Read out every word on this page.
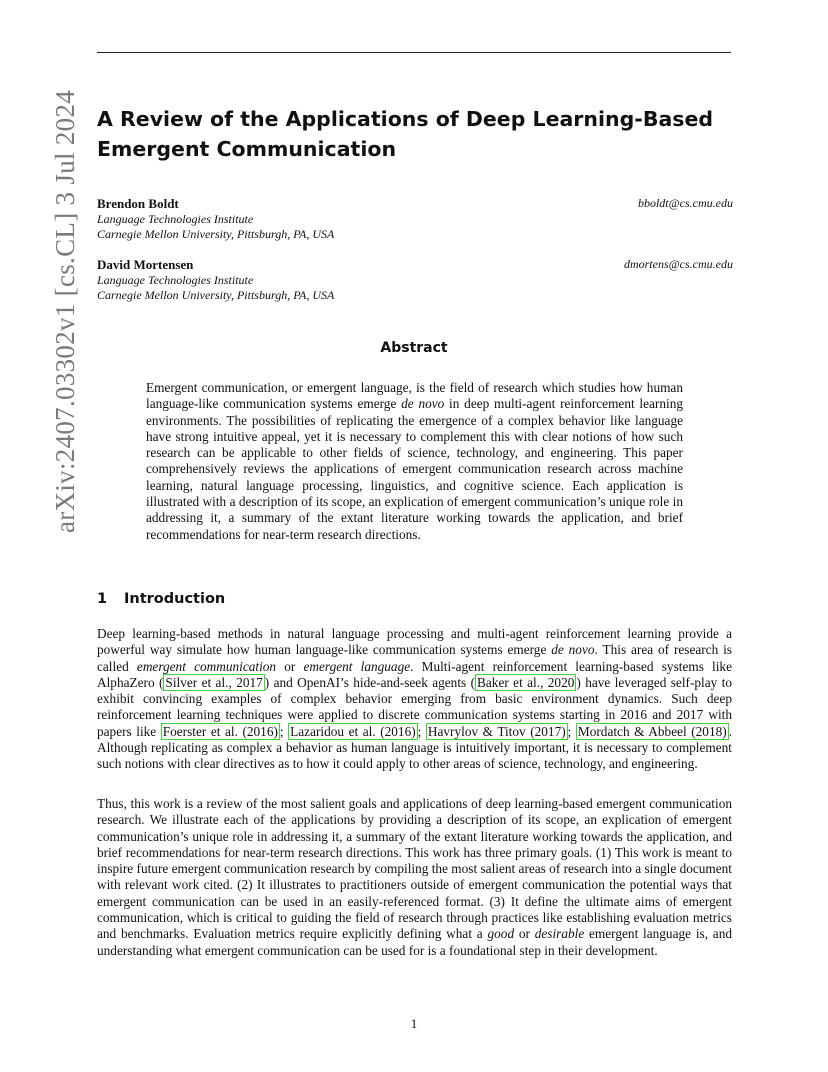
arXiv:2407.03302v1 [cs.CL] 3 Jul 2024 A Review of the Applications of Deep Learning-Based
Emergent Communication
Brendon Boldt	bboldt@cs.cmu.edu
Language Technologies Institute
Carnegie Mellon University, Pittsburgh, PA, USA
David Mortensen	dmortens@cs.cmu.edu
Language Technologies Institute
Carnegie Mellon University, Pittsburgh, PA, USA
Abstract
Emergent communication, or emergent language, is the field of research which studies how human language-like communication systems emerge de novo in deep multi-agent reinforcement learning environments. The possibilities of replicating the emergence of a complex behavior like language have strong intuitive appeal, yet it is necessary to complement this with clear notions of how such research can be applicable to other fields of science, technology, and engineering. This paper comprehensively reviews the applications of emergent communication research across machine learning, natural language processing, linguistics, and cognitive science. Each application is illustrated with a description of its scope, an explication of emergent communication’s unique role in addressing it, a summary of the extant literature working towards the application, and brief recommendations for near-term research directions.
1 Introduction
Deep learning-based methods in natural language processing and multi-agent reinforcement learning provide a powerful way simulate how human language-like communication systems emerge de novo. This area of research is called emergent communication or emergent language. Multi-agent reinforcement learning-based systems like AlphaZero ( Silver et al., 2017 ) and OpenAI’s hide-and-seek agents ( Baker et al., 2020 ) have leveraged self-play to exhibit convincing examples of complex behavior emerging from basic environment dynamics. Such deep reinforcement learning techniques were applied to discrete communication systems starting in 2016 and 2017 with papers like Foerster et al. (2016) ; Lazaridou et al. (2016) ; Havrylov & Titov (2017) ; Mordatch & Abbeel (2018) . Although replicating as complex a behavior as human language is intuitively important, it is necessary to complement such notions with clear directives as to how it could apply to other areas of science, technology, and engineering.
Thus, this work is a review of the most salient goals and applications of deep learning-based emergent communication research. We illustrate each of the applications by providing a description of its scope, an explication of emergent communication’s unique role in addressing it, a summary of the extant literature working towards the application, and brief recommendations for near-term research directions. This work has three primary goals. (1) This work is meant to inspire future emergent communication research by compiling the most salient areas of research into a single document with relevant work cited. (2) It illustrates to practitioners outside of emergent communication the potential ways that emergent communication can be used in an easily-referenced format. (3) It define the ultimate aims of emergent communication, which is critical to guiding the field of research through practices like establishing evaluation metrics and benchmarks. Evaluation metrics require explicitly defining what a good or desirable emergent language is, and understanding what emergent communication can be used for is a foundational step in their development.
1
